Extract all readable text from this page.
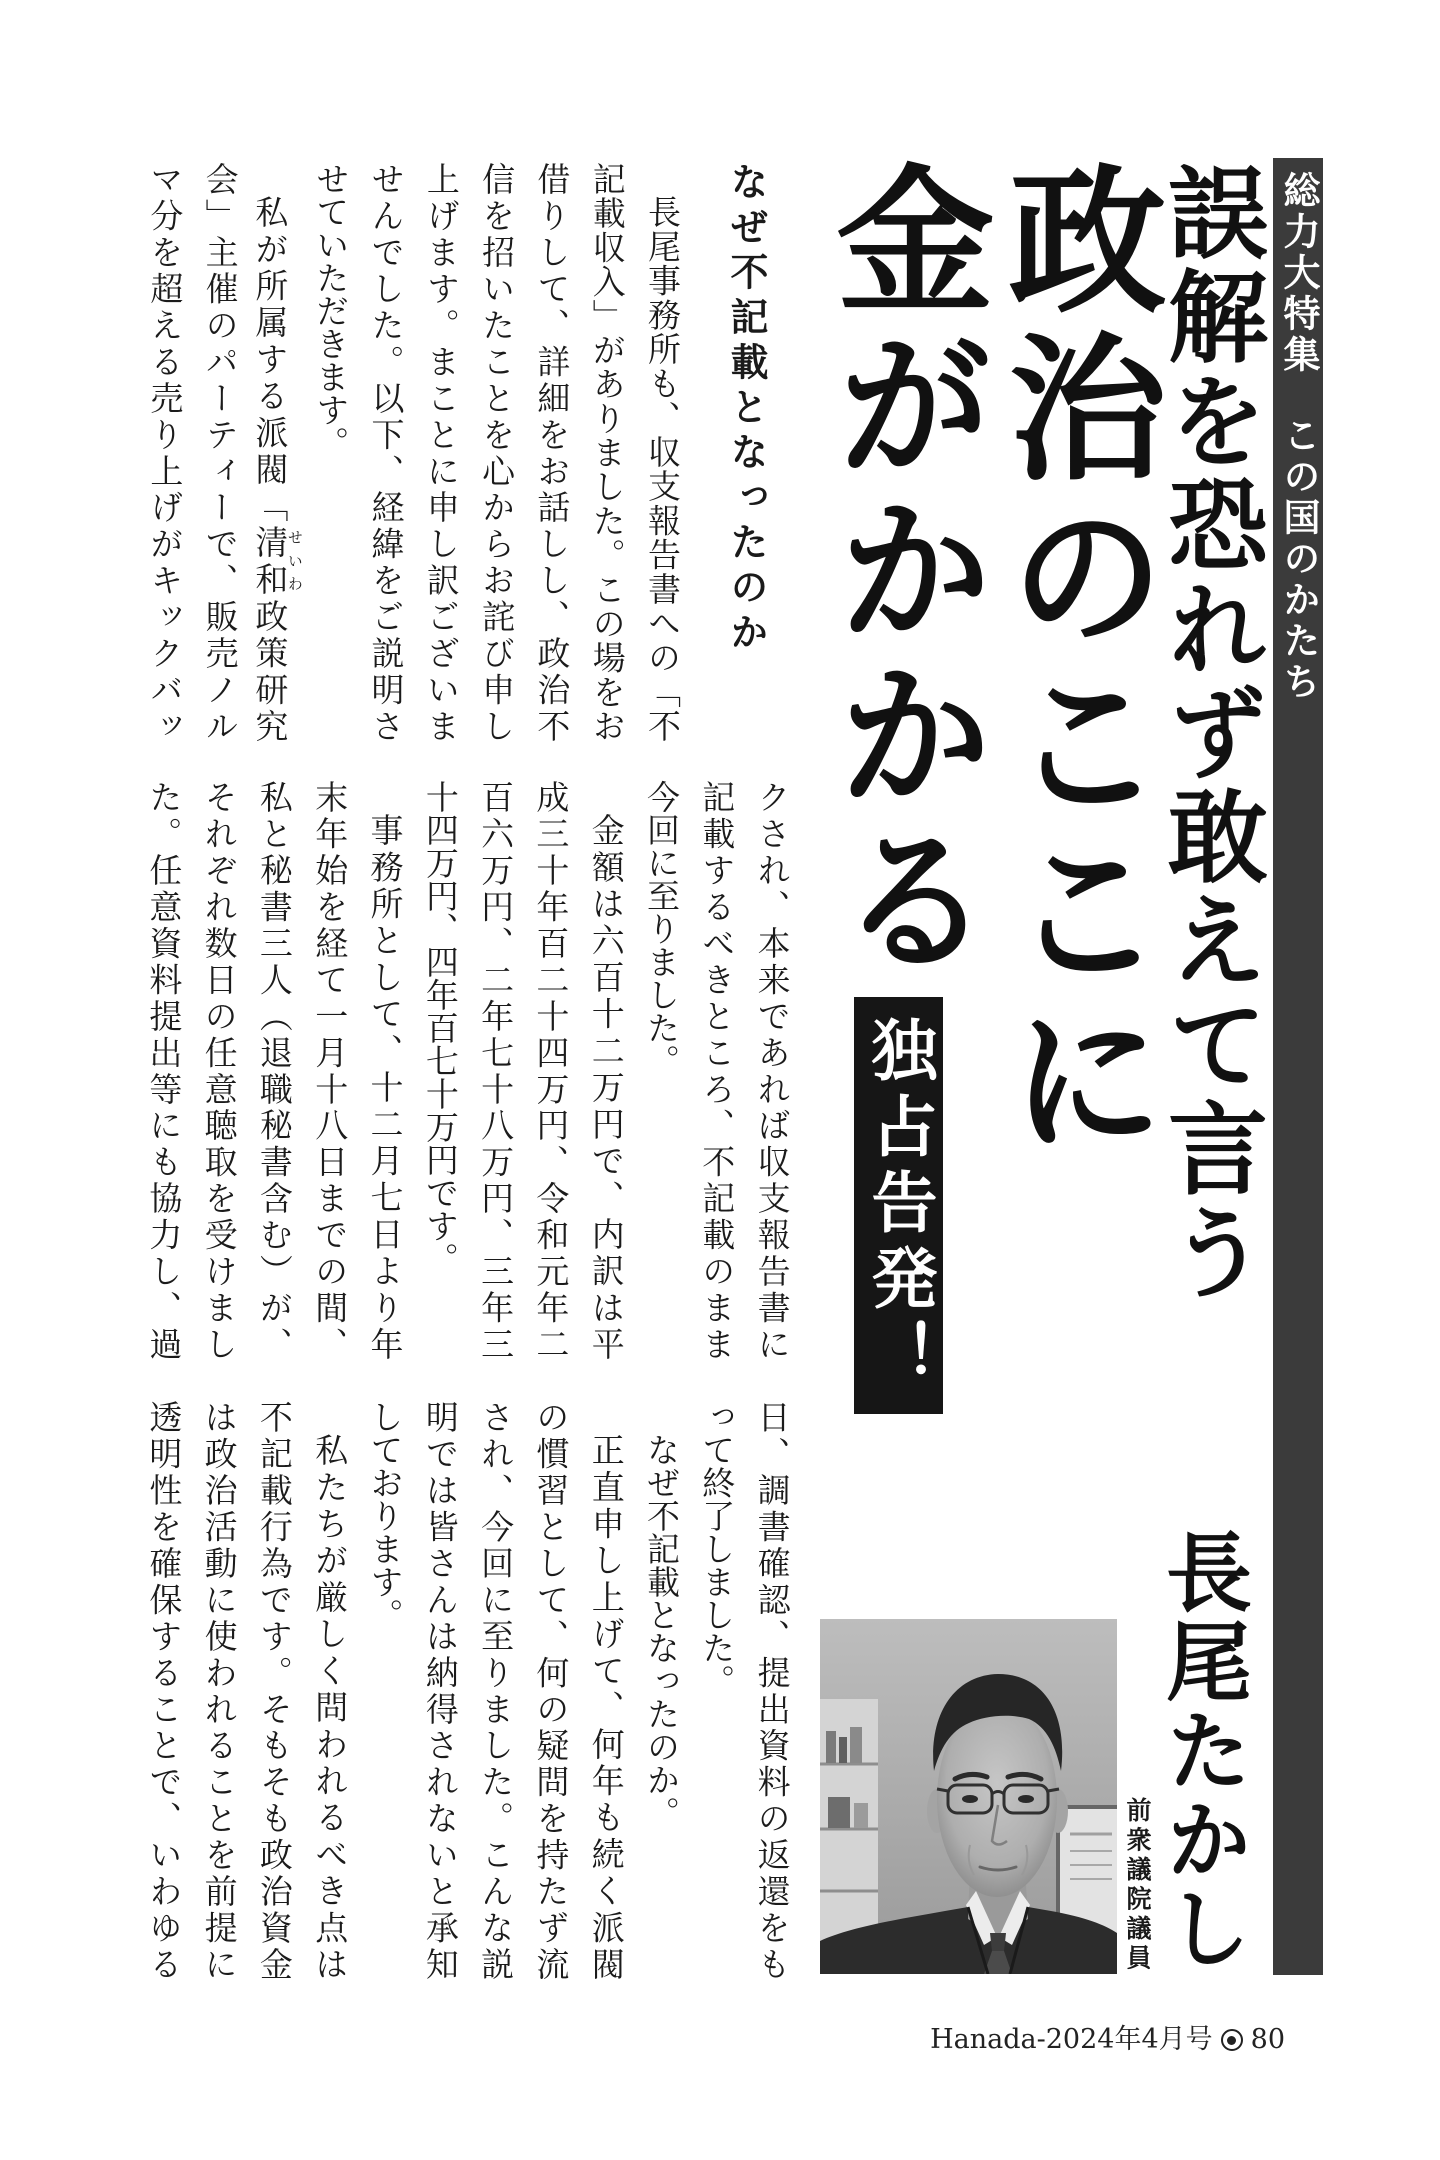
総力大特集この国のかたち
誤解を恐れず敢えて言う
政治のここに
金がかかる
独占告発！
長尾たかし
前衆議院議員
なぜ不記載となったのか
長尾事務所も、収支報告書への「不
記載収入」がありました。この場をお
借りして、詳細をお話しし、政治不
信を招いたことを心からお詫び申し
上げます。まことに申し訳ございま
せんでした。以下、経緯をご説明さ
せていただきます。
私が所属する派閥「清和せいわ政策研究
会」主催のパーティーで、販売ノル
マ分を超える売り上げがキックバッ
クされ、本来であれば収支報告書に
記載するべきところ、不記載のまま
今回に至りました。
金額は六百十二万円で、内訳は平
成三十年百二十四万円、令和元年二
百六万円、二年七十八万円、三年三
十四万円、四年百七十万円です。
事務所として、十二月七日より年
末年始を経て一月十八日までの間、
私と秘書三人（退職秘書含む）が、
それぞれ数日の任意聴取を受けまし
た。任意資料提出等にも協力し、過
日、調書確認、提出資料の返還をも
って終了しました。
なぜ不記載となったのか。
正直申し上げて、何年も続く派閥
の慣習として、何の疑問を持たず流
され、今回に至りました。こんな説
明では皆さんは納得されないと承知
しております。
私たちが厳しく問われるべき点は
不記載行為です。そもそも政治資金
は政治活動に使われることを前提に
透明性を確保することで、いわゆる
Hanada-2024年4月号 80
